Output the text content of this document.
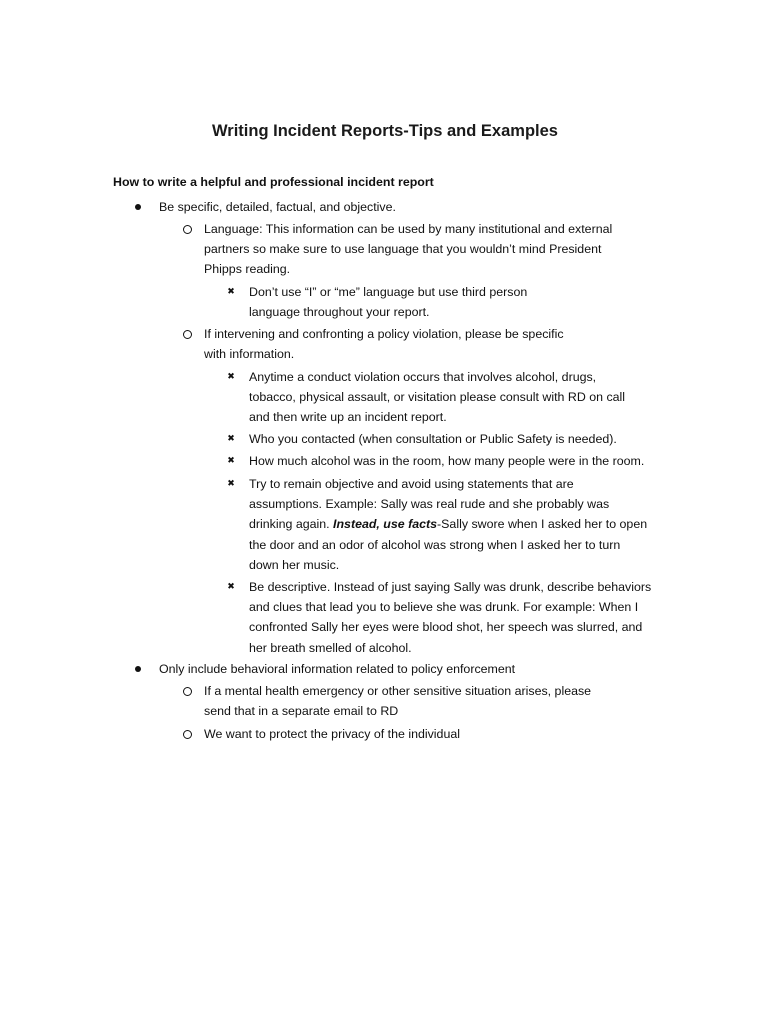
Writing Incident Reports-Tips and Examples
How to write a helpful and professional incident report
Be specific, detailed, factual, and objective.
Language: This information can be used by many institutional and external
partners so make sure to use language that you wouldn’t mind President
Phipps reading.
✖ Don’t use “I” or “me” language but use third person
language throughout your report.
If intervening and confronting a policy violation, please be specific
with information.
✖ Anytime a conduct violation occurs that involves alcohol, drugs,
tobacco, physical assault, or visitation please consult with RD on call
and then write up an incident report.
✖ Who you contacted (when consultation or Public Safety is needed).
✖ How much alcohol was in the room, how many people were in the room.
✖ Try to remain objective and avoid using statements that are
assumptions. Example: Sally was real rude and she probably was
drinking again. Instead, use facts-Sally swore when I asked her to open
the door and an odor of alcohol was strong when I asked her to turn
down her music.
✖ Be descriptive. Instead of just saying Sally was drunk, describe behaviors
and clues that lead you to believe she was drunk. For example: When I
confronted Sally her eyes were blood shot, her speech was slurred, and
her breath smelled of alcohol.
Only include behavioral information related to policy enforcement
If a mental health emergency or other sensitive situation arises, please
send that in a separate email to RD
We want to protect the privacy of the individual
